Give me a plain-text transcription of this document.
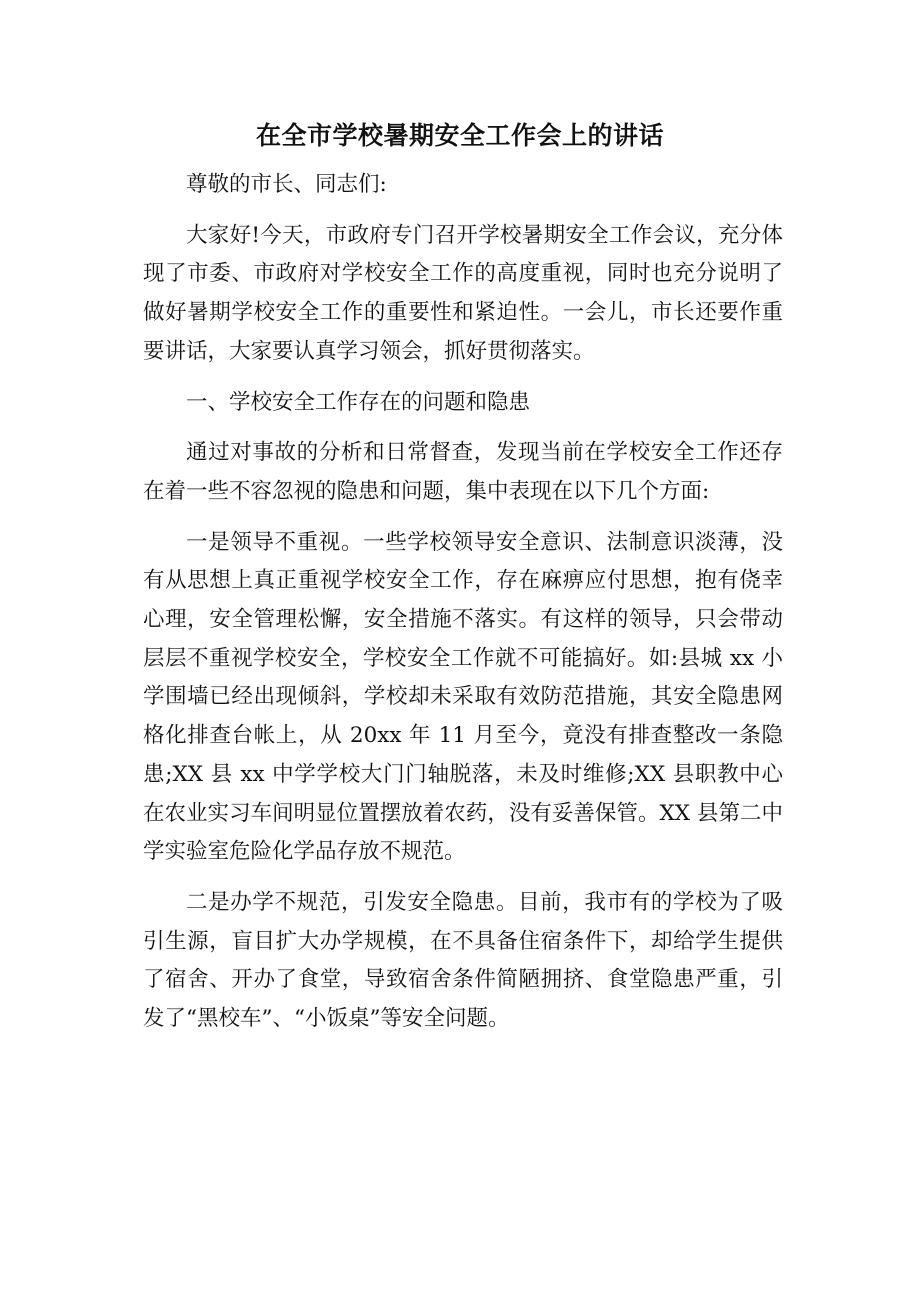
在全市学校暑期安全工作会上的讲话

尊敬的市长、同志们:

大家好!今天，市政府专门召开学校暑期安全工作会议，充分体现了市委、市政府对学校安全工作的高度重视，同时也充分说明了做好暑期学校安全工作的重要性和紧迫性。一会儿，市长还要作重要讲话，大家要认真学习领会，抓好贯彻落实。

一、学校安全工作存在的问题和隐患

通过对事故的分析和日常督查，发现当前在学校安全工作还存在着一些不容忽视的隐患和问题，集中表现在以下几个方面:

一是领导不重视。一些学校领导安全意识、法制意识淡薄，没有从思想上真正重视学校安全工作，存在麻痹应付思想，抱有侥幸心理，安全管理松懈，安全措施不落实。有这样的领导，只会带动层层不重视学校安全，学校安全工作就不可能搞好。如:县城 xx 小学围墙已经出现倾斜，学校却未采取有效防范措施，其安全隐患网格化排查台帐上，从 20xx 年 11 月至今，竟没有排查整改一条隐患;XX 县 xx 中学学校大门门轴脱落，未及时维修;XX 县职教中心在农业实习车间明显位置摆放着农药，没有妥善保管。XX 县第二中学实验室危险化学品存放不规范。

二是办学不规范，引发安全隐患。目前，我市有的学校为了吸引生源，盲目扩大办学规模，在不具备住宿条件下，却给学生提供了宿舍、开办了食堂，导致宿舍条件简陋拥挤、食堂隐患严重，引发了“黑校车”、“小饭桌”等安全问题。
